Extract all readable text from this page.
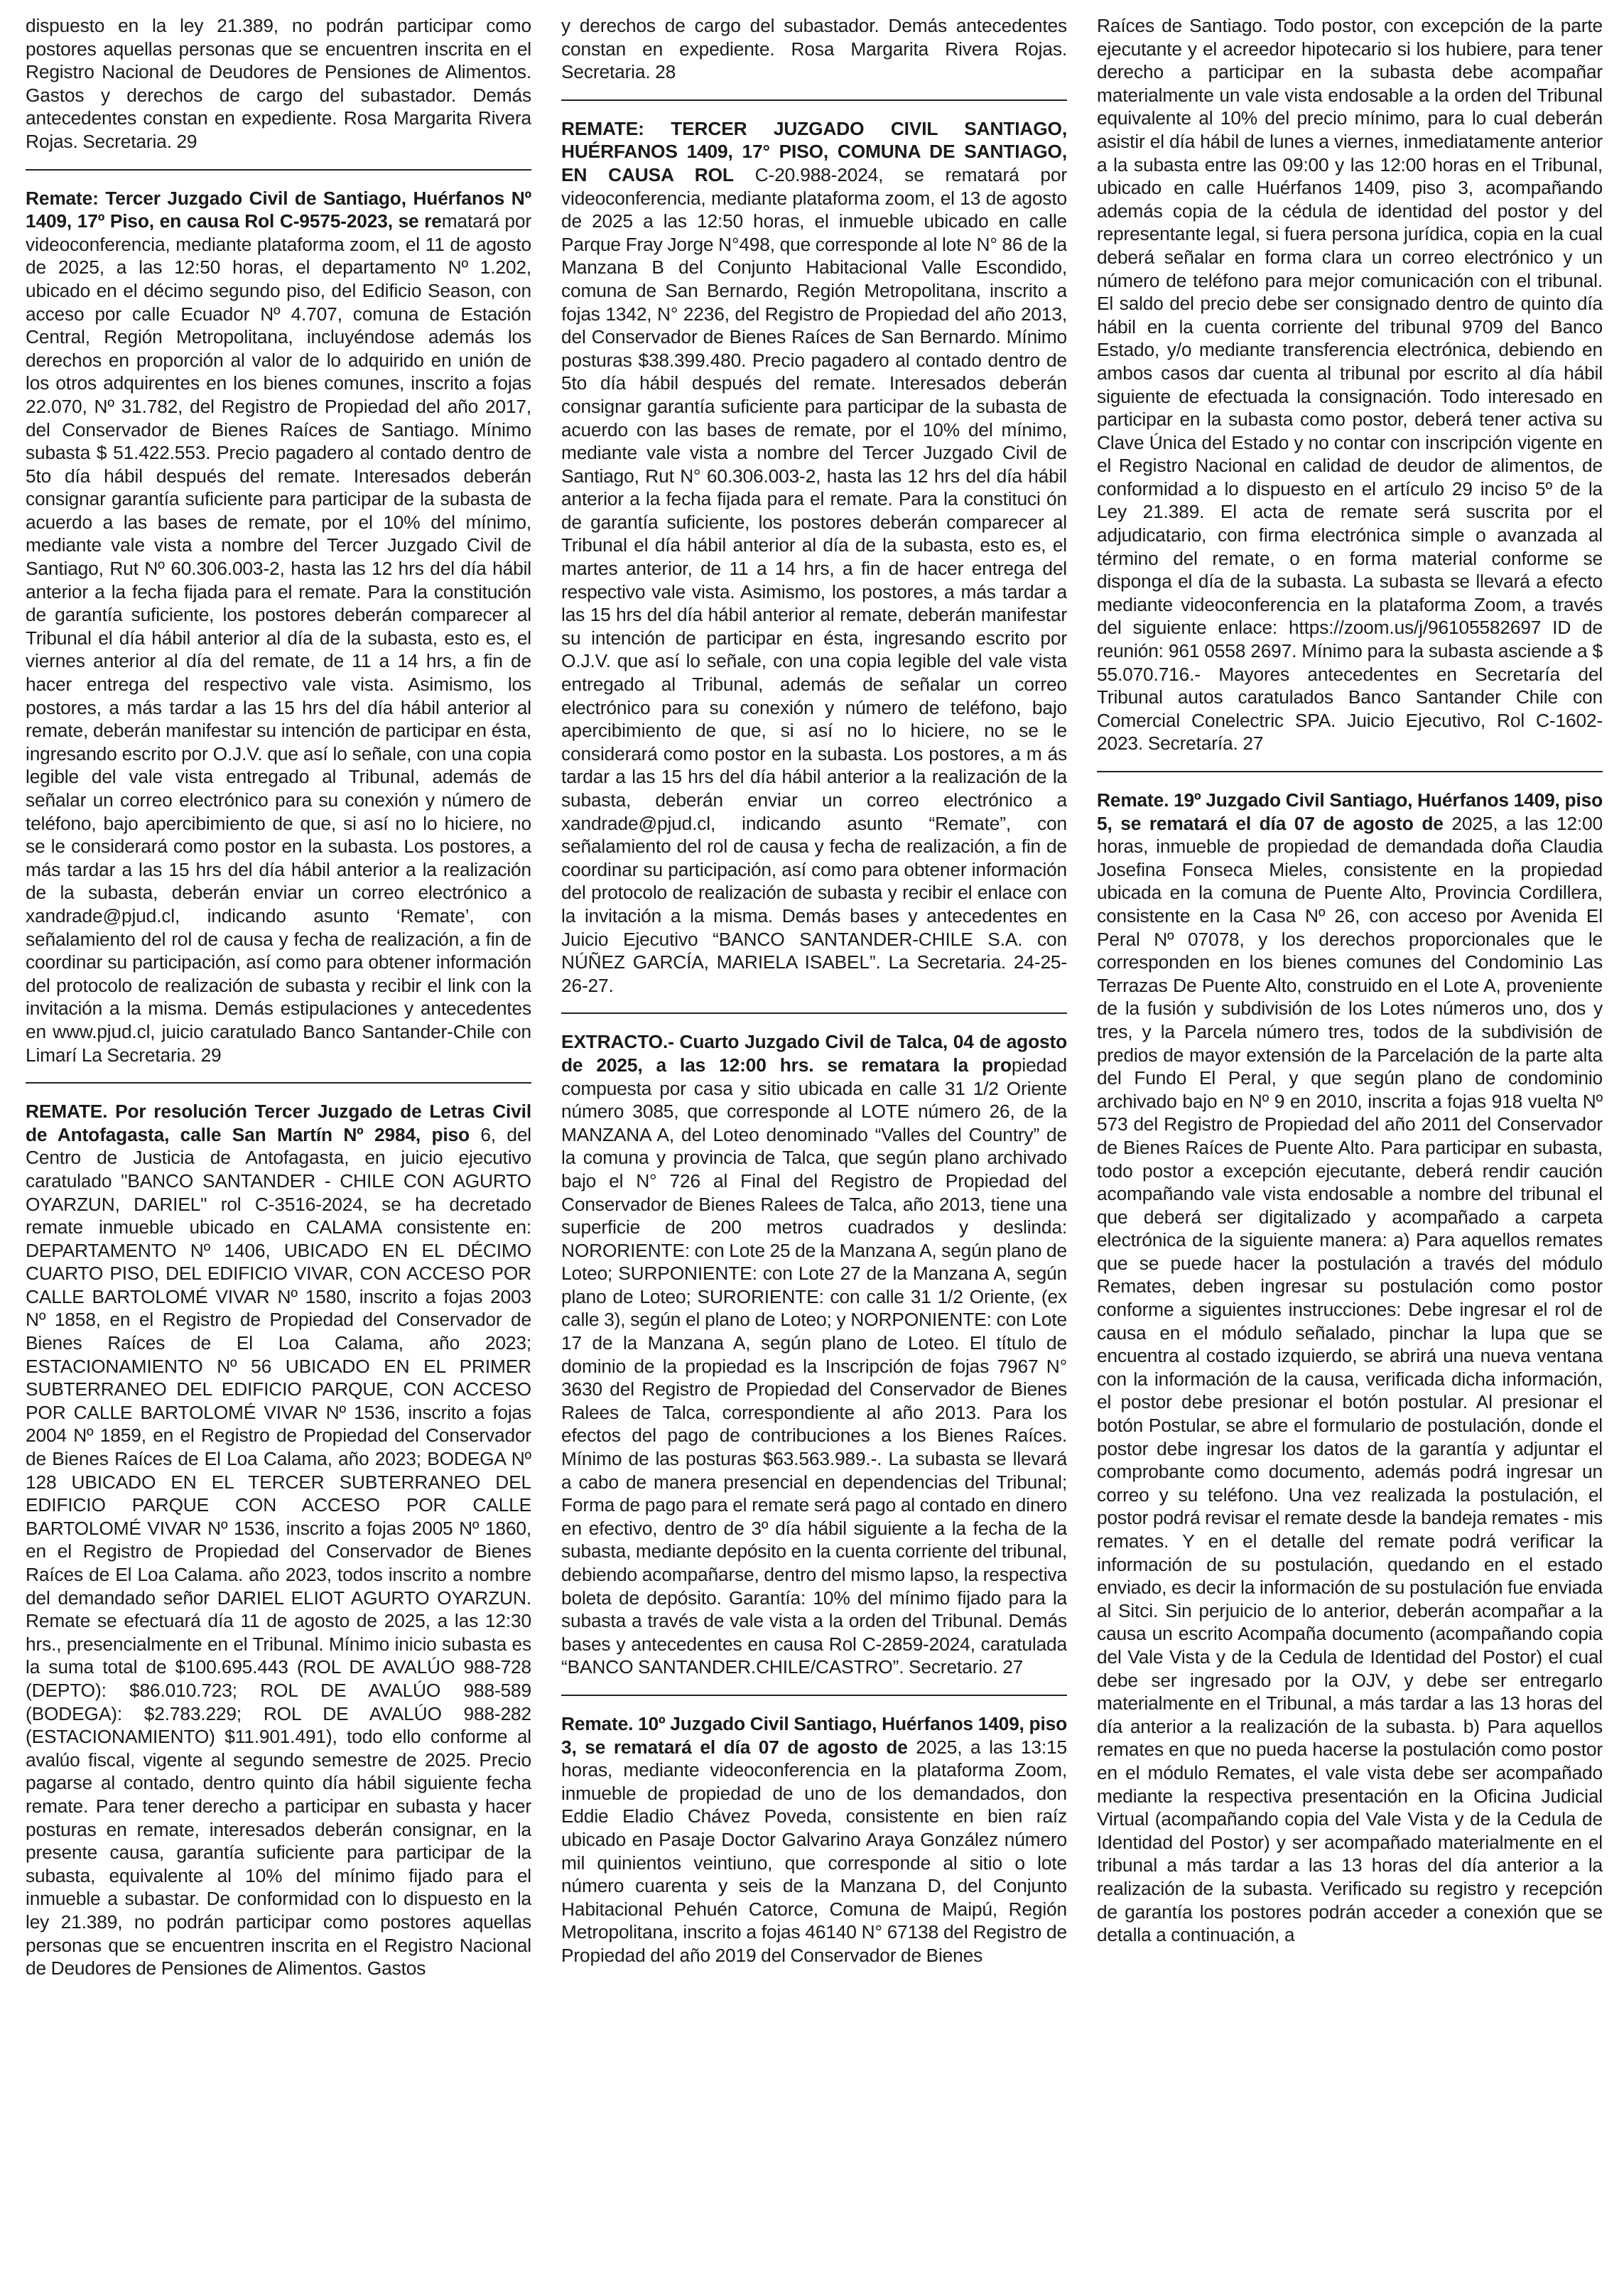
dispuesto en la ley 21.389, no podrán participar como postores aquellas personas que se encuentren inscrita en el Registro Nacional de Deudores de Pensiones de Alimentos. Gastos y derechos de cargo del subastador. Demás antecedentes constan en expediente. Rosa Margarita Rivera Rojas. Secretaria. 29

Remate: Tercer Juzgado Civil de Santiago, Huérfanos Nº 1409, 17º Piso, en causa Rol C-9575-2023, se rematará por videoconferencia, mediante plataforma zoom, el 11 de agosto de 2025, a las 12:50 horas, el departamento Nº 1.202, ubicado en el décimo segundo piso, del Edificio Season, con acceso por calle Ecuador Nº 4.707, comuna de Estación Central, Región Metropolitana, incluyéndose además los derechos en proporción al valor de lo adquirido en unión de los otros adquirentes en los bienes comunes, inscrito a fojas 22.070, Nº 31.782, del Registro de Propiedad del año 2017, del Conservador de Bienes Raíces de Santiago. Mínimo subasta $ 51.422.553. Precio pagadero al contado dentro de 5to día hábil después del remate. Interesados deberán consignar garantía suficiente para participar de la subasta de acuerdo a las bases de remate, por el 10% del mínimo, mediante vale vista a nombre del Tercer Juzgado Civil de Santiago, Rut Nº 60.306.003-2, hasta las 12 hrs del día hábil anterior a la fecha fijada para el remate. Para la constitución de garantía suficiente, los postores deberán comparecer al Tribunal el día hábil anterior al día de la subasta, esto es, el viernes anterior al día del remate, de 11 a 14 hrs, a fin de hacer entrega del respectivo vale vista. Asimismo, los postores, a más tardar a las 15 hrs del día hábil anterior al remate, deberán manifestar su intención de participar en ésta, ingresando escrito por O.J.V. que así lo señale, con una copia legible del vale vista entregado al Tribunal, además de señalar un correo electrónico para su conexión y número de teléfono, bajo apercibimiento de que, si así no lo hiciere, no se le considerará como postor en la subasta. Los postores, a más tardar a las 15 hrs del día hábil anterior a la realización de la subasta, deberán enviar un correo electrónico a xandrade@pjud.cl, indicando asunto ‘Remate’, con señalamiento del rol de causa y fecha de realización, a fin de coordinar su participación, así como para obtener información del protocolo de realización de subasta y recibir el link con la invitación a la misma. Demás estipulaciones y antecedentes en www.pjud.cl, juicio caratulado Banco Santander-Chile con Limarí La Secretaria. 29

REMATE. Por resolución Tercer Juzgado de Letras Civil de Antofagasta, calle San Martín Nº 2984, piso 6, del Centro de Justicia de Antofagasta, en juicio ejecutivo caratulado "BANCO SANTANDER - CHILE CON AGURTO OYARZUN, DARIEL" rol C-3516-2024, se ha decretado remate inmueble ubicado en CALAMA consistente en: DEPARTAMENTO Nº 1406, UBICADO EN EL DÉCIMO CUARTO PISO, DEL EDIFICIO VIVAR, CON ACCESO POR CALLE BARTOLOMÉ VIVAR Nº 1580, inscrito a fojas 2003 Nº 1858, en el Registro de Propiedad del Conservador de Bienes Raíces de El Loa Calama, año 2023; ESTACIONAMIENTO Nº 56 UBICADO EN EL PRIMER SUBTERRANEO DEL EDIFICIO PARQUE, CON ACCESO POR CALLE BARTOLOMÉ VIVAR Nº 1536, inscrito a fojas 2004 Nº 1859, en el Registro de Propiedad del Conservador de Bienes Raíces de El Loa Calama, año 2023; BODEGA Nº 128 UBICADO EN EL TERCER SUBTERRANEO DEL EDIFICIO PARQUE CON ACCESO POR CALLE BARTOLOMÉ VIVAR Nº 1536, inscrito a fojas 2005 Nº 1860, en el Registro de Propiedad del Conservador de Bienes Raíces de El Loa Calama. año 2023, todos inscrito a nombre del demandado señor DARIEL ELIOT AGURTO OYARZUN. Remate se efectuará día 11 de agosto de 2025, a las 12:30 hrs., presencialmente en el Tribunal. Mínimo inicio subasta es la suma total de $100.695.443 (ROL DE AVALÚO 988-728 (DEPTO): $86.010.723; ROL DE AVALÚO 988-589 (BODEGA): $2.783.229; ROL DE AVALÚO 988-282 (ESTACIONAMIENTO) $11.901.491), todo ello conforme al avalúo fiscal, vigente al segundo semestre de 2025. Precio pagarse al contado, dentro quinto día hábil siguiente fecha remate. Para tener derecho a participar en subasta y hacer posturas en remate, interesados deberán consignar, en la presente causa, garantía suficiente para participar de la subasta, equivalente al 10% del mínimo fijado para el inmueble a subastar. De conformidad con lo dispuesto en la ley 21.389, no podrán participar como postores aquellas personas que se encuentren inscrita en el Registro Nacional de Deudores de Pensiones de Alimentos. Gastos

y derechos de cargo del subastador. Demás antecedentes constan en expediente. Rosa Margarita Rivera Rojas. Secretaria. 28

REMATE: TERCER JUZGADO CIVIL SANTIAGO, HUÉRFANOS 1409, 17° PISO, COMUNA DE SANTIAGO, EN CAUSA ROL C-20.988-2024, se rematará por videoconferencia, mediante plataforma zoom, el 13 de agosto de 2025 a las 12:50 horas, el inmueble ubicado en calle Parque Fray Jorge N°498, que corresponde al lote N° 86 de la Manzana B del Conjunto Habitacional Valle Escondido, comuna de San Bernardo, Región Metropolitana, inscrito a fojas 1342, N° 2236, del Registro de Propiedad del año 2013, del Conservador de Bienes Raíces de San Bernardo. Mínimo posturas $38.399.480. Precio pagadero al contado dentro de 5to día hábil después del remate. Interesados deberán consignar garantía suficiente para participar de la subasta de acuerdo con las bases de remate, por el 10% del mínimo, mediante vale vista a nombre del Tercer Juzgado Civil de Santiago, Rut N° 60.306.003-2, hasta las 12 hrs del día hábil anterior a la fecha fijada para el remate. Para la constituci ón de garantía suficiente, los postores deberán comparecer al Tribunal el día hábil anterior al día de la subasta, esto es, el martes anterior, de 11 a 14 hrs, a fin de hacer entrega del respectivo vale vista. Asimismo, los postores, a más tardar a las 15 hrs del día hábil anterior al remate, deberán manifestar su intención de participar en ésta, ingresando escrito por O.J.V. que así lo señale, con una copia legible del vale vista entregado al Tribunal, además de señalar un correo electrónico para su conexión y número de teléfono, bajo apercibimiento de que, si así no lo hiciere, no se le considerará como postor en la subasta. Los postores, a m ás tardar a las 15 hrs del día hábil anterior a la realización de la subasta, deberán enviar un correo electrónico a xandrade@pjud.cl, indicando asunto “Remate”, con señalamiento del rol de causa y fecha de realización, a fin de coordinar su participación, así como para obtener información del protocolo de realización de subasta y recibir el enlace con la invitación a la misma. Demás bases y antecedentes en Juicio Ejecutivo “BANCO SANTANDER-CHILE S.A. con NÚÑEZ GARCÍA, MARIELA ISABEL”. La Secretaria. 24-25-26-27.

EXTRACTO.- Cuarto Juzgado Civil de Talca, 04 de agosto de 2025, a las 12:00 hrs. se rematara la propiedad compuesta por casa y sitio ubicada en calle 31 1/2 Oriente número 3085, que corresponde al LOTE número 26, de la MANZANA A, del Loteo denominado “Valles del Country” de la comuna y provincia de Talca, que según plano archivado bajo el N° 726 al Final del Registro de Propiedad del Conservador de Bienes Ralees de Talca, año 2013, tiene una superficie de 200 metros cuadrados y deslinda: NORORIENTE: con Lote 25 de la Manzana A, según plano de Loteo; SURPONIENTE: con Lote 27 de la Manzana A, según plano de Loteo; SURORIENTE: con calle 31 1/2 Oriente, (ex calle 3), según el plano de Loteo; y NORPONIENTE: con Lote 17 de la Manzana A, según plano de Loteo. El título de dominio de la propiedad es la Inscripción de fojas 7967 N° 3630 del Registro de Propiedad del Conservador de Bienes Ralees de Talca, correspondiente al año 2013. Para los efectos del pago de contribuciones a los Bienes Raíces. Mínimo de las posturas $63.563.989.-. La subasta se llevará a cabo de manera presencial en dependencias del Tribunal; Forma de pago para el remate será pago al contado en dinero en efectivo, dentro de 3º día hábil siguiente a la fecha de la subasta, mediante depósito en la cuenta corriente del tribunal, debiendo acompañarse, dentro del mismo lapso, la respectiva boleta de depósito. Garantía: 10% del mínimo fijado para la subasta a través de vale vista a la orden del Tribunal. Demás bases y antecedentes en causa Rol C-2859-2024, caratulada “BANCO SANTANDER.CHILE/CASTRO”. Secretario. 27

Remate. 10º Juzgado Civil Santiago, Huérfanos 1409, piso 3, se rematará el día 07 de agosto de 2025, a las 13:15 horas, mediante videoconferencia en la plataforma Zoom, inmueble de propiedad de uno de los demandados, don Eddie Eladio Chávez Poveda, consistente en bien raíz ubicado en Pasaje Doctor Galvarino Araya González número mil quinientos veintiuno, que corresponde al sitio o lote número cuarenta y seis de la Manzana D, del Conjunto Habitacional Pehuén Catorce, Comuna de Maipú, Región Metropolitana, inscrito a fojas 46140 N° 67138 del Registro de Propiedad del año 2019 del Conservador de Bienes

Raíces de Santiago. Todo postor, con excepción de la parte ejecutante y el acreedor hipotecario si los hubiere, para tener derecho a participar en la subasta debe acompañar materialmente un vale vista endosable a la orden del Tribunal equivalente al 10% del precio mínimo, para lo cual deberán asistir el día hábil de lunes a viernes, inmediatamente anterior a la subasta entre las 09:00 y las 12:00 horas en el Tribunal, ubicado en calle Huérfanos 1409, piso 3, acompañando además copia de la cédula de identidad del postor y del representante legal, si fuera persona jurídica, copia en la cual deberá señalar en forma clara un correo electrónico y un número de teléfono para mejor comunicación con el tribunal. El saldo del precio debe ser consignado dentro de quinto día hábil en la cuenta corriente del tribunal 9709 del Banco Estado, y/o mediante transferencia electrónica, debiendo en ambos casos dar cuenta al tribunal por escrito al día hábil siguiente de efectuada la consignación. Todo interesado en participar en la subasta como postor, deberá tener activa su Clave Única del Estado y no contar con inscripción vigente en el Registro Nacional en calidad de deudor de alimentos, de conformidad a lo dispuesto en el artículo 29 inciso 5º de la Ley 21.389. El acta de remate será suscrita por el adjudicatario, con firma electrónica simple o avanzada al término del remate, o en forma material conforme se disponga el día de la subasta. La subasta se llevará a efecto mediante videoconferencia en la plataforma Zoom, a través del siguiente enlace: https://zoom.us/j/96105582697 ID de reunión: 961 0558 2697. Mínimo para la subasta asciende a $ 55.070.716.- Mayores antecedentes en Secretaría del Tribunal autos caratulados Banco Santander Chile con Comercial Conelectric SPA. Juicio Ejecutivo, Rol C-1602-2023. Secretaría. 27

Remate. 19º Juzgado Civil Santiago, Huérfanos 1409, piso 5, se rematará el día 07 de agosto de 2025, a las 12:00 horas, inmueble de propiedad de demandada doña Claudia Josefina Fonseca Mieles, consistente en la propiedad ubicada en la comuna de Puente Alto, Provincia Cordillera, consistente en la Casa Nº 26, con acceso por Avenida El Peral Nº 07078, y los derechos proporcionales que le corresponden en los bienes comunes del Condominio Las Terrazas De Puente Alto, construido en el Lote A, proveniente de la fusión y subdivisión de los Lotes números uno, dos y tres, y la Parcela número tres, todos de la subdivisión de predios de mayor extensión de la Parcelación de la parte alta del Fundo El Peral, y que según plano de condominio archivado bajo en Nº 9 en 2010, inscrita a fojas 918 vuelta Nº 573 del Registro de Propiedad del año 2011 del Conservador de Bienes Raíces de Puente Alto. Para participar en subasta, todo postor a excepción ejecutante, deberá rendir caución acompañando vale vista endosable a nombre del tribunal el que deberá ser digitalizado y acompañado a carpeta electrónica de la siguiente manera: a) Para aquellos remates que se puede hacer la postulación a través del módulo Remates, deben ingresar su postulación como postor conforme a siguientes instrucciones: Debe ingresar el rol de causa en el módulo señalado, pinchar la lupa que se encuentra al costado izquierdo, se abrirá una nueva ventana con la información de la causa, verificada dicha información, el postor debe presionar el botón postular. Al presionar el botón Postular, se abre el formulario de postulación, donde el postor debe ingresar los datos de la garantía y adjuntar el comprobante como documento, además podrá ingresar un correo y su teléfono. Una vez realizada la postulación, el postor podrá revisar el remate desde la bandeja remates - mis remates. Y en el detalle del remate podrá verificar la información de su postulación, quedando en el estado enviado, es decir la información de su postulación fue enviada al Sitci. Sin perjuicio de lo anterior, deberán acompañar a la causa un escrito Acompaña documento (acompañando copia del Vale Vista y de la Cedula de Identidad del Postor) el cual debe ser ingresado por la OJV, y debe ser entregarlo materialmente en el Tribunal, a más tardar a las 13 horas del día anterior a la realización de la subasta. b) Para aquellos remates en que no pueda hacerse la postulación como postor en el módulo Remates, el vale vista debe ser acompañado mediante la respectiva presentación en la Oficina Judicial Virtual (acompañando copia del Vale Vista y de la Cedula de Identidad del Postor) y ser acompañado materialmente en el tribunal a más tardar a las 13 horas del día anterior a la realización de la subasta. Verificado su registro y recepción de garantía los postores podrán acceder a conexión que se detalla a continuación, a
